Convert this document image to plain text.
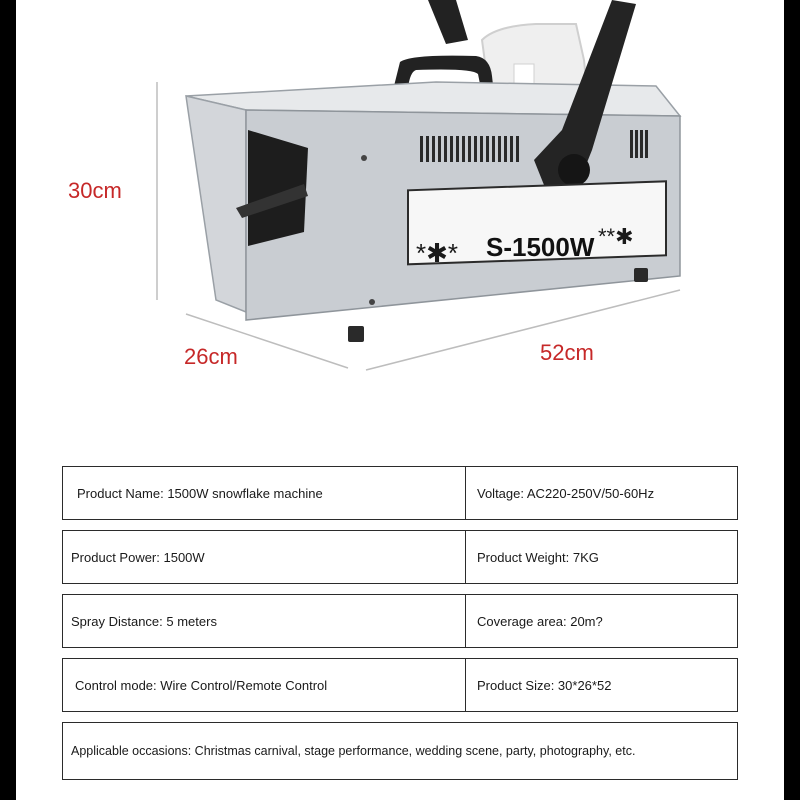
*✱* S-1500W **✱
30cm
26cm	52cm
Product Name: 1500W snowflake machine	Voltage: AC220-250V/50-60Hz
Product Power: 1500W	Product Weight: 7KG
Spray Distance: 5 meters	Coverage area: 20m?
Control mode: Wire Control/Remote Control	Product Size: 30*26*52
Applicable occasions: Christmas carnival, stage performance, wedding scene, party, photography, etc.
